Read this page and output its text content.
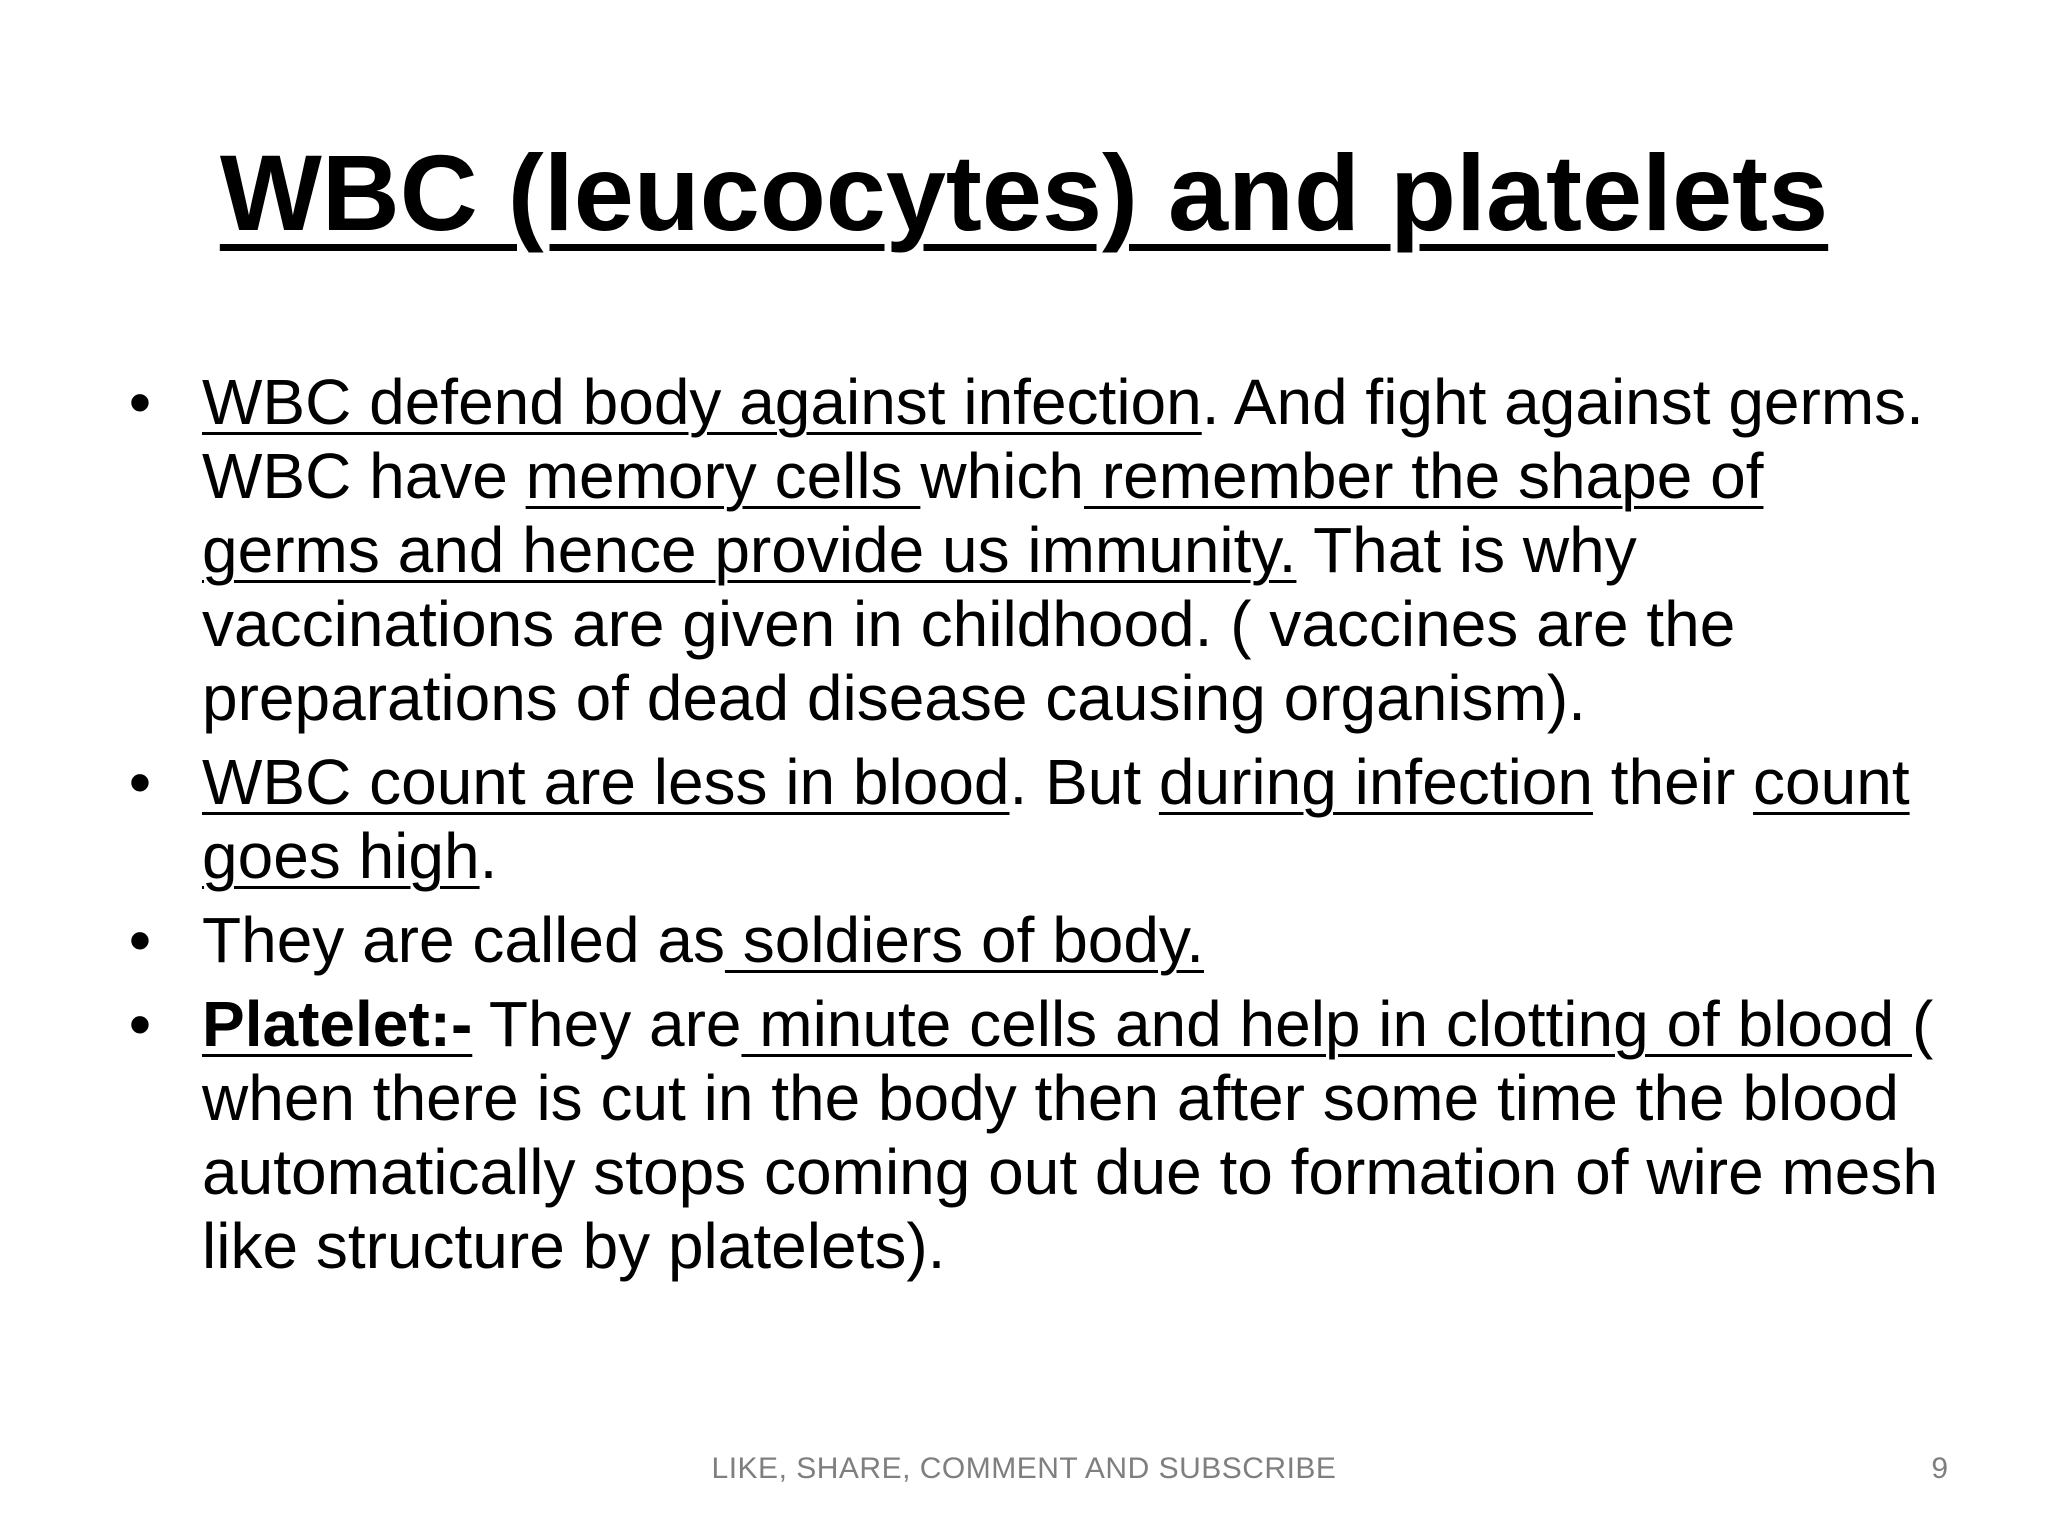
WBC (leucocytes) and platelets
• WBC defend body against infection. And fight against germs. WBC have memory cells which remember the shape of germs and hence provide us immunity. That is why vaccinations are given in childhood. ( vaccines are the preparations of dead disease causing organism).
• WBC count are less in blood. But during infection their count goes high.
• They are called as soldiers of body.
• Platelet:- They are minute cells and help in clotting of blood ( when there is cut in the body then after some time the blood automatically stops coming out due to formation of wire mesh like structure by platelets).
LIKE, SHARE, COMMENT AND SUBSCRIBE	9
